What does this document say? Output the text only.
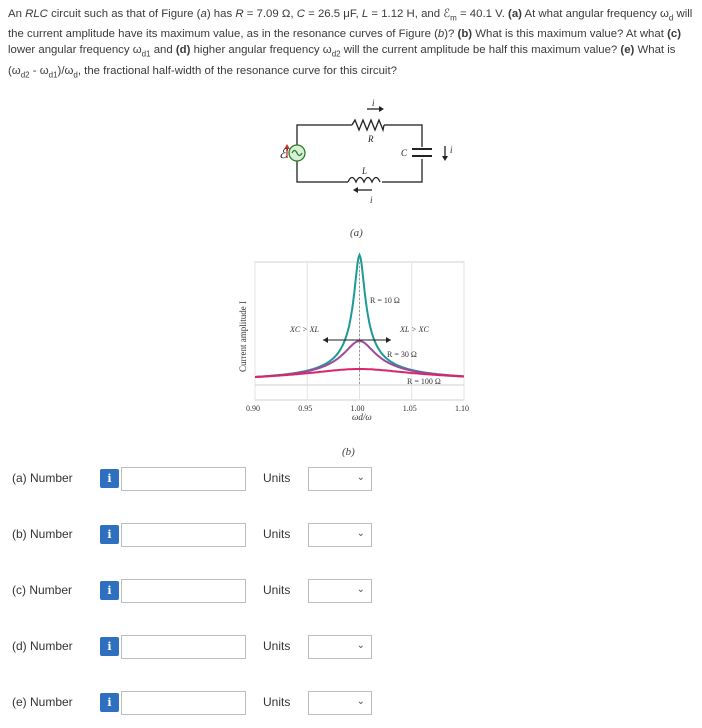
An RLC circuit such as that of Figure (a) has R = 7.09 Ω, C = 26.5 μF, L = 1.12 H, and ℰ$_m$ = 40.1 V. (a) At what angular frequency $\omega_d$ will the current amplitude have its maximum value, as in the resonance curves of Figure (b)? (b) What is this maximum value? At what (c) lower angular frequency $\omega_{d1}$ and (d) higher angular frequency $\omega_{d2}$ will the current amplitude be half this maximum value? (e) What is $(\omega_{d2} - \omega_{d1})/\omega_d$, the fractional half-width of the resonance curve for this circuit?
ℰ
i
R
C
L
i
i
(a)
0.90	0.95	1.00	1.05	1.10
R = 10 Ω
R = 30 Ω
R = 100 Ω
XC > XL	XL > XC
Current amplitude I
ωd/ω
(b)
(a) Number	i	Units	⌄
(b) Number	i	Units	⌄
(c) Number	i	Units	⌄
(d) Number	i	Units	⌄
(e) Number	i	Units	⌄
